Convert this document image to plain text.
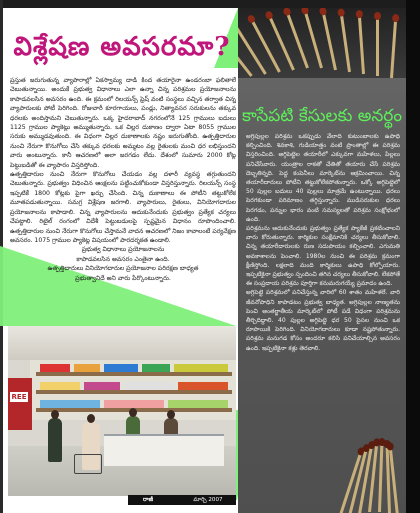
విశ్లేషణ అవసరమా?

ప్రస్తుత జరుగుతున్న వ్యాపారాల్లో ఏకస్వామ్య దాడి కింద తయారైనా ఉండరంబా ఫలితాలే చెబుతున్నాయి. అందుకే ప్రభుత్వ విధానాలు ఎలా ఉన్నా చిన్న పరిశ్రమల ప్రయోజనాలను కాపాడవలసిన అవసరం ఉంది. ఈ క్రమంలో రిలయన్స్ ఫ్రెష్ వంటి సంస్థలు వచ్చిన తర్వాత చిన్న వ్యాపారులకు పోటీ పెరిగింది. రోజువారీ కూరగాయలు, పండ్లు, నిత్యావసర సరుకులను తక్కువ ధరలకు అందిస్తామని చెబుతున్నారు. ఒక్క హైదరాబాద్ నగరంలోనే 125 గ్రాములు బదులు 1125 గ్రాముల ప్యాకెట్లు అమ్ముతున్నారు. ఒక చిల్లర దుకాణం ద్వారా ఏటా 8055 గ్రాముల సరుకు అమ్ముడవుతుంది. ఈ విధంగా చిల్లర దుకాణాలకు నష్టం జరుగుతోంది. ఉత్పత్తిదారుల నుంచి నేరుగా కొనుగోలు చేసి తక్కువ ధరలకు అమ్మటం వల్ల రైతులకు మంచి ధర లభిస్తుందని వారు అంటున్నారు. కానీ ఆచరణలో అలా జరగడం లేదు. దేశంలో సుమారు 2000 కోట్ల పెట్టుబడితో ఈ వ్యాపారం విస్తరిస్తోంది.

ఉత్పత్తిదారుల నుంచి నేరుగా కొనుగోలు చేయడం వల్ల దళారీ వ్యవస్థ తగ్గుతుందని చెబుతున్నారు. ప్రభుత్వం విధించిన ఆంక్షలను పట్టించుకోకుండా విస్తరిస్తున్నారు. రిలయన్స్ సంస్థ ఇప్పటికే 1800 కోట్లకు పైగా ఖర్చు చేసింది. చిన్న దుకాణాలు ఈ పోటీని తట్టుకోలేక మూతపడుతున్నాయి. సమగ్ర విశ్లేషణ జరగాలి. వ్యాపారులు, రైతులు, వినియోగదారుల ప్రయోజనాలను కాపాడాలి. చిన్న వ్యాపారులను ఆదుకునేందుకు ప్రభుత్వం ప్రత్యేక చర్యలు చేపట్టాలి. రిటైల్ రంగంలో విదేశీ పెట్టుబడులపై స్పష్టమైన విధానం రూపొందించాలి. ఉత్పత్తిదారుల నుంచి నేరుగా కొనుగోలు చేస్తామనే వాదన ఆచరణలో నిజం కావాలంటే పర్యవేక్షణ అవసరం. 1075 గ్రాముల ప్యాకెట్ల విషయంలో పారదర్శకత ఉండాలి.

ప్రభుత్వ విధానాలు ప్రయోజనాలను

కాపాడవలసిన అవసరం ఎంతైనా ఉంది.

ఉత్పత్తిదారులు వినియోగదారుల ప్రయోజనాల పరిరక్షణ బాధ్యత

ప్రభుత్వానిదే అని వారు పేర్కొంటున్నారు.

REE
రాజీ	మార్చి 2007
కాసేపటి కేసులకు అనర్థం

అగ్గిపుల్లల పరిశ్రమ ఒకప్పుడు వేలాది కుటుంబాలకు ఉపాధి కల్పించింది. శివకాశి, గుడియాత్తం వంటి ప్రాంతాల్లో ఈ పరిశ్రమ విస్తరించింది. అగ్గిపెట్టెల తయారీలో ఎక్కువగా మహిళలు, పిల్లలు పనిచేసేవారు. యంత్రాల రాకతో చేతితో తయారు చేసే పరిశ్రమ దెబ్బతిన్నది. పెద్ద కంపెనీలు మార్కెట్‌ను ఆక్రమించాయి. చిన్న తయారీదారులు పోటీని తట్టుకోలేకపోతున్నారు. ఒక్కో అగ్గిపెట్టెలో 50 పుల్లల బదులు 40 పుల్లలు మాత్రమే ఉంటున్నాయి. ధరలు పెరగకుండా పరిమాణం తగ్గిస్తున్నారు. ముడిసరుకుల ధరలు పెరగడం, పన్నుల భారం వంటి సమస్యలతో పరిశ్రమ సంక్షోభంలో ఉంది.

పరిశ్రమను ఆదుకునేందుకు ప్రభుత్వం ప్రత్యేక ప్యాకేజీ ప్రకటించాలని వారు కోరుతున్నారు. కార్మికుల సంక్షేమానికి చర్యలు తీసుకోవాలి. చిన్న తయారీదారులకు రుణ సదుపాయం కల్పించాలి. ఎగుమతి అవకాశాలను పెంచాలి. 1980ల నుంచి ఈ పరిశ్రమ క్రమంగా క్షీణిస్తోంది. లక్షలాది మంది కార్మికులు ఉపాధి కోల్పోయారు. ఇప్పటికైనా ప్రభుత్వం స్పందించి తగిన చర్యలు తీసుకోవాలి. లేకపోతే ఈ సంప్రదాయ పరిశ్రమ పూర్తిగా కనుమరుగయ్యే ప్రమాదం ఉంది.

అగ్గిపెట్టె పరిశ్రమలో పనిచేస్తున్న వారిలో 60 శాతం మహిళలే. వారి జీవనోపాధిని కాపాడటం ప్రభుత్వ బాధ్యత. అగ్గిపుల్లల నాణ్యతను పెంచి అంతర్జాతీయ మార్కెట్‌లో పోటీ పడే విధంగా పరిశ్రమను తీర్చిదిద్దాలి. 40 పుల్లల అగ్గిపెట్టె ధర 50 పైసల నుంచి ఒక రూపాయికి పెరిగింది. వినియోగదారులు కూడా నష్టపోతున్నారు. పరిశ్రమ మనుగడ కోసం అందరూ కలిసి పనిచేయాల్సిన అవసరం ఉంది. ఇప్పటికైనా కళ్లు తెరవాలి.
